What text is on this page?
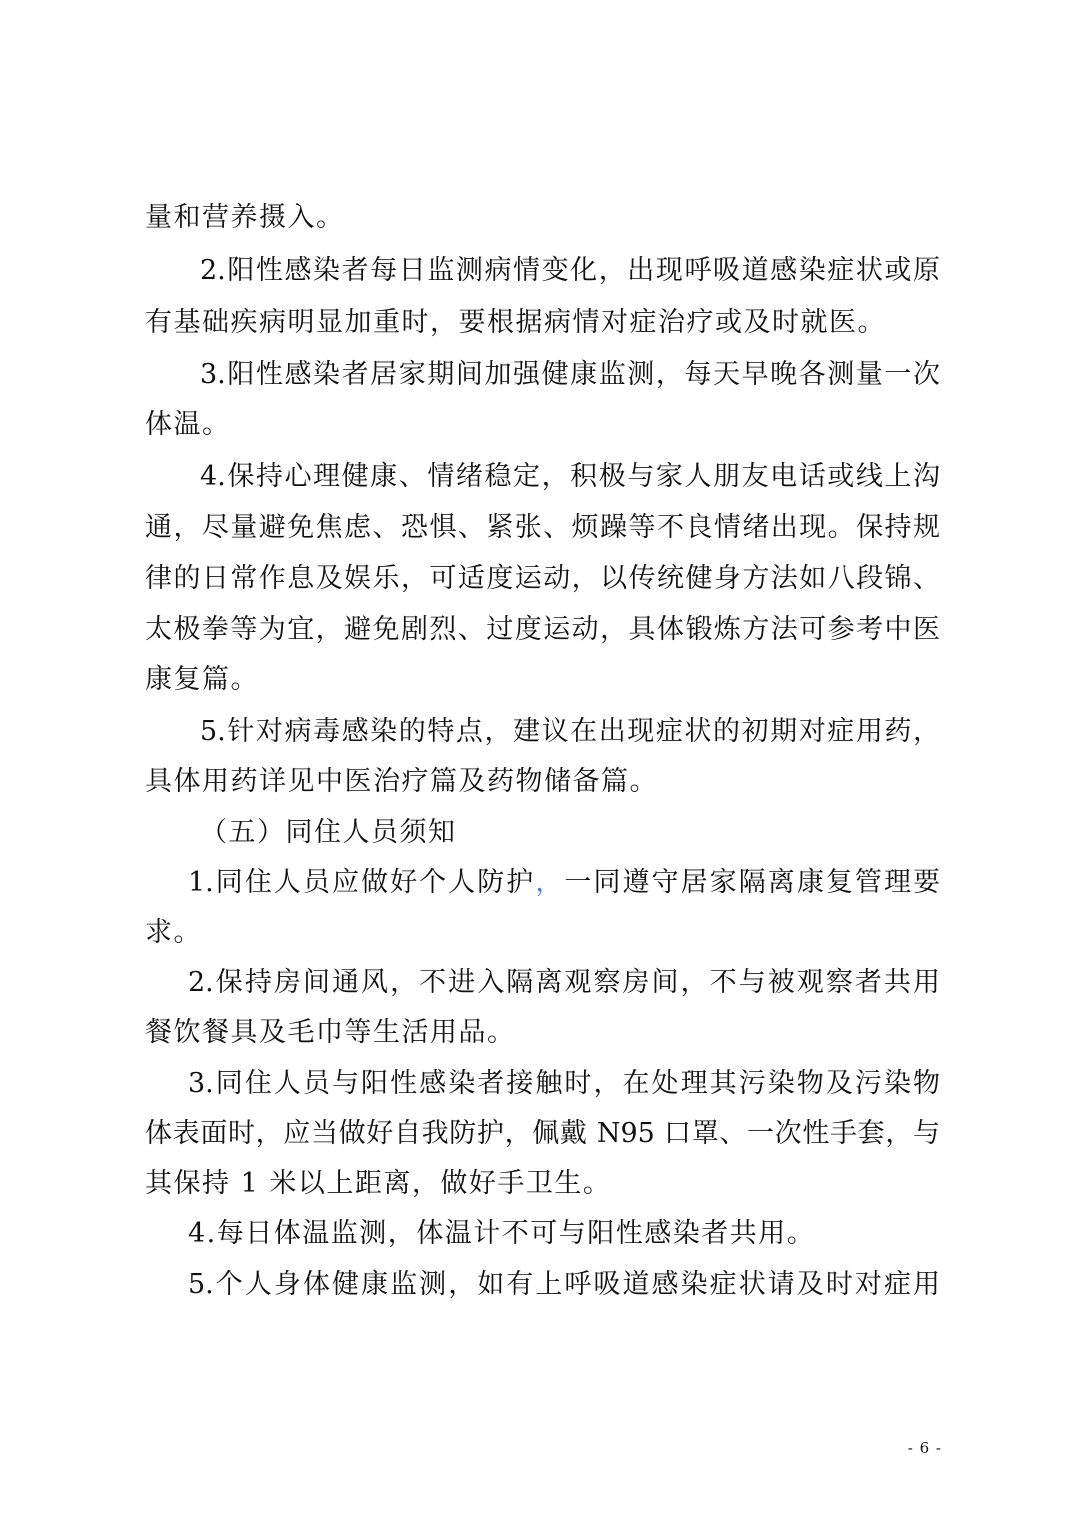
量和营养摄入。
2.阳性感染者每日监测病情变化，出现呼吸道感染症状或原
有基础疾病明显加重时，要根据病情对症治疗或及时就医。
3.阳性感染者居家期间加强健康监测，每天早晚各测量一次
体温。
4.保持心理健康、情绪稳定，积极与家人朋友电话或线上沟
通，尽量避免焦虑、恐惧、紧张、烦躁等不良情绪出现。保持规
律的日常作息及娱乐，可适度运动，以传统健身方法如八段锦、
太极拳等为宜，避免剧烈、过度运动，具体锻炼方法可参考中医
康复篇。
5.针对病毒感染的特点，建议在出现症状的初期对症用药，
具体用药详见中医治疗篇及药物储备篇。
（五）同住人员须知
1.同住人员应做好个人防护，一同遵守居家隔离康复管理要
求。
2.保持房间通风，不进入隔离观察房间，不与被观察者共用
餐饮餐具及毛巾等生活用品。
3.同住人员与阳性感染者接触时，在处理其污染物及污染物
体表面时，应当做好自我防护，佩戴 N95 口罩、一次性手套，与
其保持 1 米以上距离，做好手卫生。
4.每日体温监测，体温计不可与阳性感染者共用。
5.个人身体健康监测，如有上呼吸道感染症状请及时对症用
- 6 -
